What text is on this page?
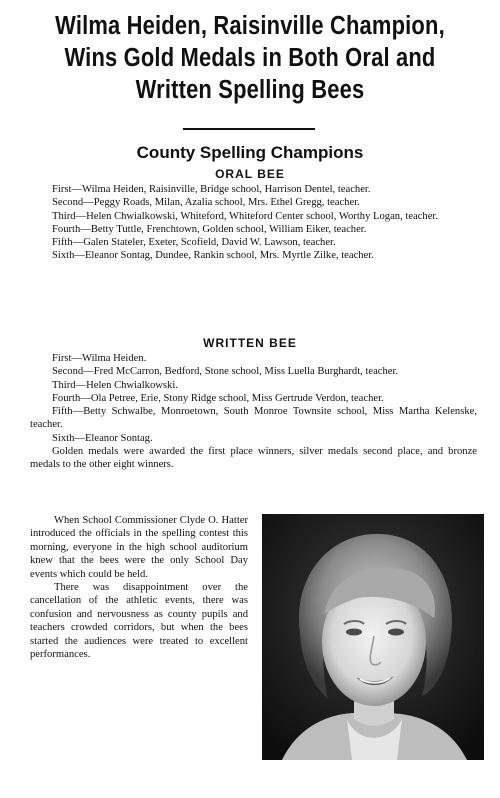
Wilma Heiden, Raisinville Champion, Wins Gold Medals in Both Oral and Written Spelling Bees
County Spelling Champions
ORAL BEE
First—Wilma Heiden, Raisinville, Bridge school, Harrison Dentel, teacher.
Second—Peggy Roads, Milan, Azalia school, Mrs. Ethel Gregg, teacher.
Third—Helen Chwialkowski, Whiteford, Whiteford Center school, Worthy Logan, teacher.
Fourth—Betty Tuttle, Frenchtown, Golden school, William Eiker, teacher.
Fifth—Galen Stateler, Exeter, Scofield, David W. Lawson, teacher.
Sixth—Eleanor Sontag, Dundee, Rankin school, Mrs. Myrtle Zilke, teacher.
WRITTEN BEE
First—Wilma Heiden.
Second—Fred McCarron, Bedford, Stone school, Miss Luella Burghardt, teacher.
Third—Helen Chwialkowski.
Fourth—Ola Petree, Erie, Stony Ridge school, Miss Gertrude Verdon, teacher.
Fifth—Betty Schwalbe, Monroetown, South Monroe Townsite school, Miss Martha Kelenske, teacher.
Sixth—Eleanor Sontag.
Golden medals were awarded the first place winners, silver medals second place, and bronze medals to the other eight winners.

When School Commissioner Clyde O. Hatter introduced the officials in the spelling contest this morning, everyone in the high school auditorium knew that the bees were the only School Day events which could be held.

There was disappointment over the cancellation of the athletic events, there was confusion and nervousness as county pupils and teachers crowded corridors, but when the bees started the audiences were treated to excellent performances.
